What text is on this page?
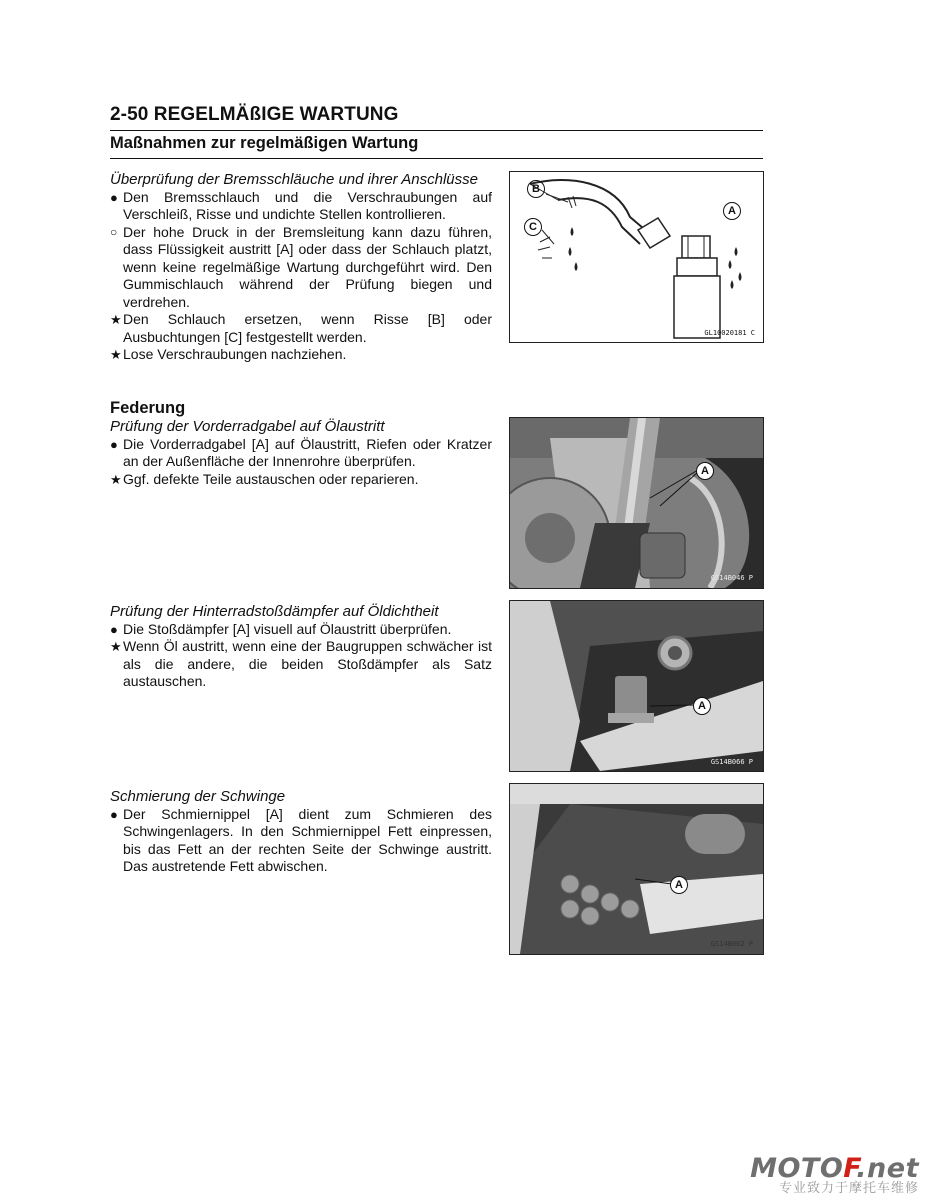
2-50 REGELMÄßIGE WARTUNG
Maßnahmen zur regelmäßigen Wartung
Überprüfung der Bremsschläuche und ihrer Anschlüsse
● Den Bremsschlauch und die Verschraubungen auf Verschleiß, Risse und undichte Stellen kontrollieren.
○ Der hohe Druck in der Bremsleitung kann dazu führen, dass Flüssigkeit austritt [A] oder dass der Schlauch platzt, wenn keine regelmäßige Wartung durchgeführt wird. Den Gummischlauch während der Prüfung biegen und verdrehen.
★ Den Schlauch ersetzen, wenn Risse [B] oder Ausbuchtungen [C] festgestellt werden.
★ Lose Verschraubungen nachziehen.
B
C
A
GL10020181 C
Federung
Prüfung der Vorderradgabel auf Ölaustritt
● Die Vorderradgabel [A] auf Ölaustritt, Riefen oder Kratzer an der Außenfläche der Innenrohre überprüfen.
★ Ggf. defekte Teile austauschen oder reparieren.	A
GS14B046 P
Prüfung der Hinterradstoßdämpfer auf Öldichtheit
● Die Stoßdämpfer [A] visuell auf Ölaustritt überprüfen.
★ Wenn Öl austritt, wenn eine der Baugruppen schwächer ist als die andere, die beiden Stoßdämpfer als Satz austauschen.
A
GS14B066 P
Schmierung der Schwinge
● Der Schmiernippel [A] dient zum Schmieren des Schwingenlagers. In den Schmiernippel Fett einpressen, bis das Fett an der rechten Seite der Schwinge austritt. Das austretende Fett abwischen.
A
GS14B062 P
MOTOF.net
专业致力于摩托车维修
